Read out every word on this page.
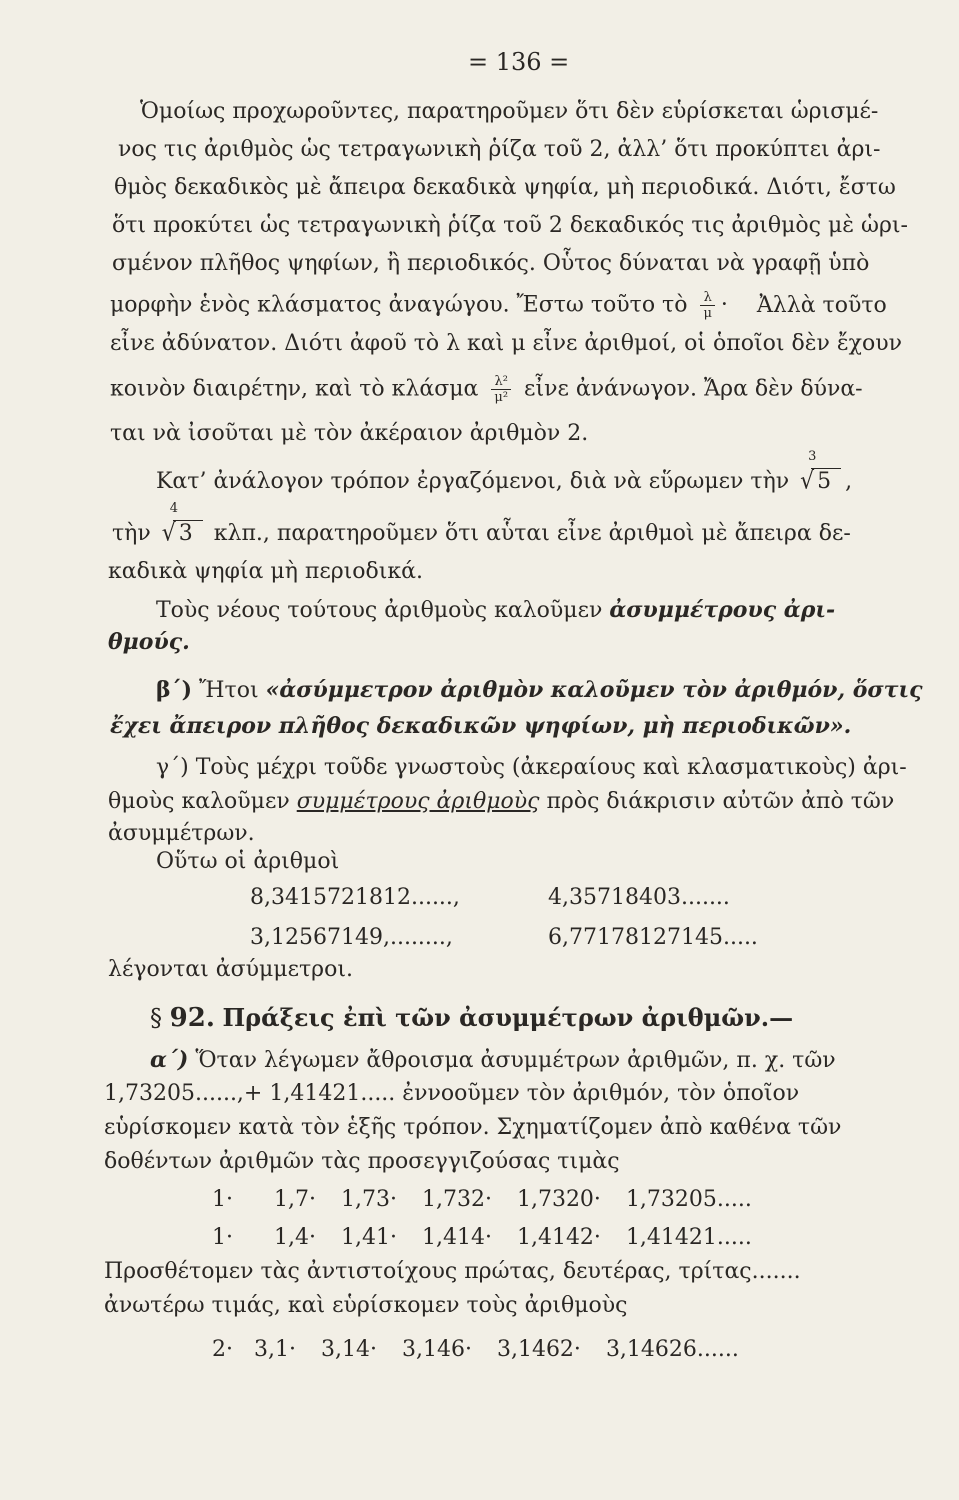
= 136 =
Ὁμοίως προχωροῦντες, παρατηροῦμεν ὅτι δὲν εὑρίσκεται ὡρισμέ-
νος τις ἀριθμὸς ὡς τετραγωνικὴ ῥίζα τοῦ 2, ἀλλ’ ὅτι προκύπτει ἀρι-
θμὸς δεκαδικὸς μὲ ἄπειρα δεκαδικὰ ψηφία, μὴ περιοδικά. Διότι, ἔστω
ὅτι προκύτει ὡς τετραγωνικὴ ῥίζα τοῦ 2 δεκαδικός τις ἀριθμὸς μὲ ὡρι-
σμένον πλῆθος ψηφίων, ἢ περιοδικός. Οὗτος δύναται νὰ γραφῇ ὑπὸ
μορφὴν ἑνὸς κλάσματος ἀναγώγου. Ἔστω τοῦτο τὸ $\frac{\lambda}{\mu}$ · Ἀλλὰ τοῦτο
εἶνε ἀδύνατον. Διότι ἀφοῦ τὸ λ καὶ μ εἶνε ἀριθμοί, οἱ ὁποῖοι δὲν ἔχουν
κοινὸν διαιρέτην, καὶ τὸ κλάσμα $\frac{\text{λ²}}{\text{μ²}}$ εἶνε ἀνάνωγον. Ἄρα δὲν δύνα-
ται νὰ ἰσοῦται μὲ τὸν ἀκέραιον ἀριθμὸν 2.
Κατ’ ἀνάλογον τρόπον ἐργαζόμενοι, διὰ νὰ εὕρωμεν τὴν
3
√ 5 ,
τὴν
4
√ 3 κλπ., παρατηροῦμεν ὅτι αὗται εἶνε ἀριθμοὶ μὲ ἄπειρα δε-
καδικὰ ψηφία μὴ περιοδικά.
Τοὺς νέους τούτους ἀριθμοὺς καλοῦμεν ἀσυμμέτρους ἀρι-
θμούς.
β΄) Ἤτοι «ἀσύμμετρον ἀριθμὸν καλοῦμεν τὸν ἀριθμόν, ὅστις
ἔχει ἄπειρον πλῆθος δεκαδικῶν ψηφίων, μὴ περιοδικῶν».
γ΄) Τοὺς μέχρι τοῦδε γνωστοὺς (ἀκεραίους καὶ κλασματικοὺς) ἀρι-
θμοὺς καλοῦμεν συμμέτρους ἀριθμοὺς πρὸς διάκρισιν αὐτῶν ἀπὸ τῶν
ἀσυμμέτρων.
Οὕτω οἱ ἀριθμοὶ
8,3415721812......,	4,35718403.......
3,12567149,........,	6,77178127145.....
λέγονται ἀσύμμετροι.
§ 92. Πράξεις ἐπὶ τῶν ἀσυμμέτρων ἀριθμῶν.—
α΄) Ὅταν λέγωμεν ἄθροισμα ἀσυμμέτρων ἀριθμῶν, π. χ. τῶν
1,73205......,+ 1,41421..... ἐννοοῦμεν τὸν ἀριθμόν, τὸν ὁποῖον
εὑρίσκομεν κατὰ τὸν ἑξῆς τρόπον. Σχηματίζομεν ἀπὸ καθένα τῶν
δοθέντων ἀριθμῶν τὰς προσεγγιζούσας τιμὰς
1· 1,7· 1,73· 1,732· 1,7320· 1,73205.....
1· 1,4· 1,41· 1,414· 1,4142· 1,41421.....
Προσθέτομεν τὰς ἀντιστοίχους πρώτας, δευτέρας, τρίτας.......
ἀνωτέρω τιμάς, καὶ εὑρίσκομεν τοὺς ἀριθμοὺς
2· 3,1· 3,14· 3,146· 3,1462· 3,14626......
